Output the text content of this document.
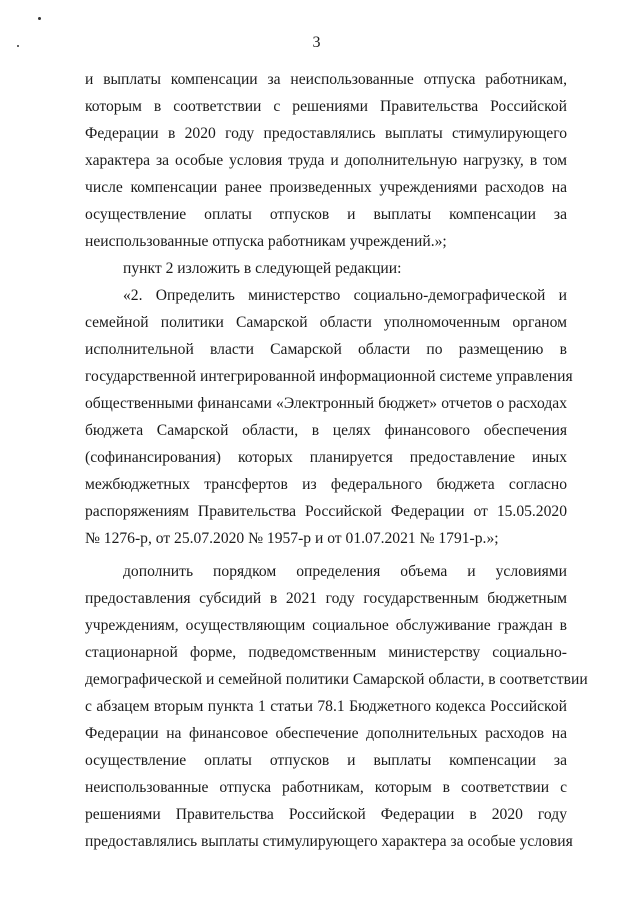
3
и выплаты компенсации за неиспользованные отпуска работникам,
которым в соответствии с решениями Правительства Российской
Федерации в 2020 году предоставлялись выплаты стимулирующего
характера за особые условия труда и дополнительную нагрузку, в том
числе компенсации ранее произведенных учреждениями расходов на
осуществление оплаты отпусков и выплаты компенсации за
неиспользованные отпуска работникам учреждений.»;
пункт 2 изложить в следующей редакции:
«2. Определить министерство социально-демографической и
семейной политики Самарской области уполномоченным органом
исполнительной власти Самарской области по размещению в
государственной интегрированной информационной системе управления
общественными финансами «Электронный бюджет» отчетов о расходах
бюджета Самарской области, в целях финансового обеспечения
(софинансирования) которых планируется предоставление иных
межбюджетных трансфертов из федерального бюджета согласно
распоряжениям Правительства Российской Федерации от 15.05.2020
№ 1276-р, от 25.07.2020 № 1957-р и от 01.07.2021 № 1791-р.»;
дополнить порядком определения объема и условиями
предоставления субсидий в 2021 году государственным бюджетным
учреждениям, осуществляющим социальное обслуживание граждан в
стационарной форме, подведомственным министерству социально-
демографической и семейной политики Самарской области, в соответствии
с абзацем вторым пункта 1 статьи 78.1 Бюджетного кодекса Российской
Федерации на финансовое обеспечение дополнительных расходов на
осуществление оплаты отпусков и выплаты компенсации за
неиспользованные отпуска работникам, которым в соответствии с
решениями Правительства Российской Федерации в 2020 году
предоставлялись выплаты стимулирующего характера за особые условия
